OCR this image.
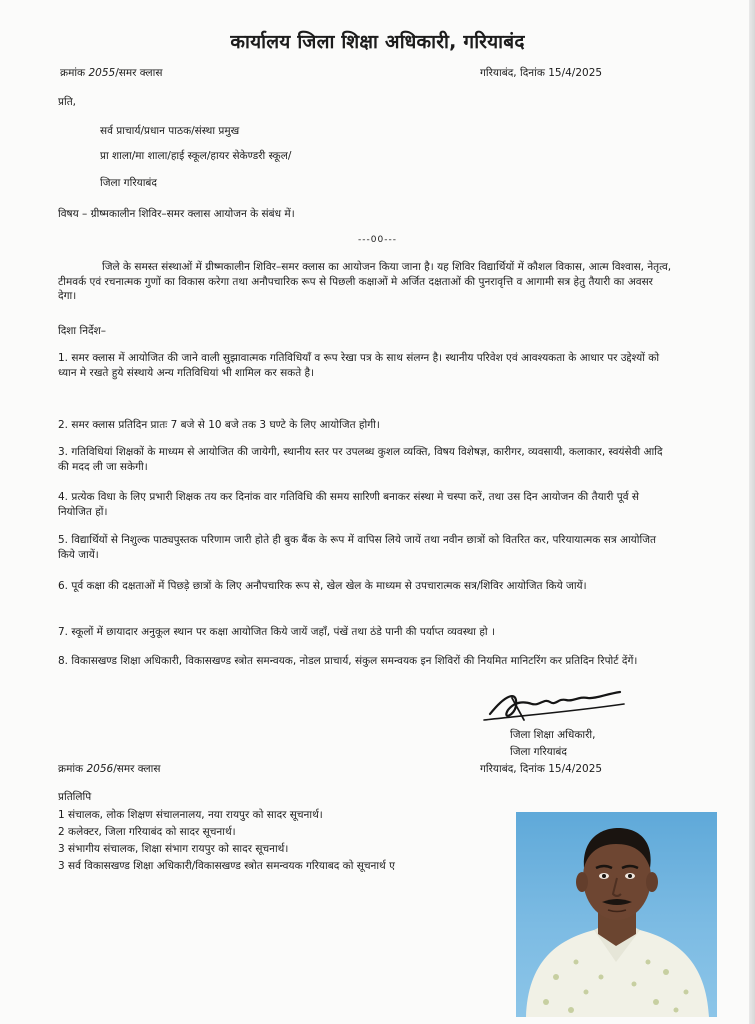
कार्यालय जिला शिक्षा अधिकारी, गरियाबंद
क्रमांक 2055/समर क्लास	गरियाबंद, दिनांक 15/4/2025
प्रति,
सर्व प्राचार्य/प्रधान पाठक/संस्था प्रमुख
प्रा शाला/मा शाला/हाई स्कूल/हायर सेकेण्डरी स्कूल/
जिला गरियाबंद
विषय – ग्रीष्मकालीन शिविर–समर क्लास आयोजन के संबंध में।
---00---

जिले के समस्त संस्थाओं में ग्रीष्मकालीन शिविर–समर क्लास का आयोजन किया जाना है। यह शिविर विद्यार्थियों में कौशल विकास, आत्म विश्वास, नेतृत्व, टीमवर्क एवं रचनात्मक गुणों का विकास करेगा तथा अनौपचारिक रूप से पिछली कक्षाओं मे अर्जित दक्षताओं की पुनरावृत्ति व आगामी सत्र हेतु तैयारी का अवसर देगा।

दिशा निर्देश–

1. समर क्लास में आयोजित की जाने वाली सुझावात्मक गतिविधियाँ व रूप रेखा पत्र के साथ संलग्न है। स्थानीय परिवेश एवं आवश्यकता के आधार पर उद्देश्यों को ध्यान मे रखते हुये संस्थाये अन्य गतिविधियां भी शामिल कर सकते है।

2. समर क्लास प्रतिदिन प्रातः 7 बजे से 10 बजे तक 3 घण्टे के लिए आयोजित होगी।

3. गतिविधियां शिक्षकों के माध्यम से आयोजित की जायेगी, स्थानीय स्तर पर उपलब्ध कुशल व्यक्ति, विषय विशेषज्ञ, कारीगर, व्यवसायी, कलाकार, स्वयंसेवी आदि की मदद ली जा सकेगी।

4. प्रत्येक विधा के लिए प्रभारी शिक्षक तय कर दिनांक वार गतिविधि की समय सारिणी बनाकर संस्था मे चस्पा करें, तथा उस दिन आयोजन की तैयारी पूर्व से नियोजित हों।

5. विद्यार्थियों से निशुल्क पाठ्यपुस्तक परिणाम जारी होते ही बुक बैंक के रूप में वापिस लिये जायें तथा नवीन छात्रों को वितरित कर, परियायात्मक सत्र आयोजित किये जायें।

6. पूर्व कक्षा की दक्षताओं में पिछड़े छात्रों के लिए अनौपचारिक रूप से, खेल खेल के माध्यम से उपचारात्मक सत्र/शिविर आयोजित किये जायें।

7. स्कूलों में छायादार अनुकूल स्थान पर कक्षा आयोजित किये जायें जहाँ, पंखें तथा ठंडे पानी की पर्याप्त व्यवस्था हो ।

8. विकासखण्ड शिक्षा अधिकारी, विकासखण्ड स्त्रोत समन्वयक, नोडल प्राचार्य, संकुल समन्वयक इन शिविरों की नियमित मानिटरिंग कर प्रतिदिन रिपोर्ट देंगें।

जिला शिक्षा अधिकारी,
जिला गरियाबंद
क्रमांक 2056/समर क्लास	गरियाबंद, दिनांक 15/4/2025
प्रतिलिपि
1 संचालक, लोक शिक्षण संचालनालय, नया रायपुर को सादर सूचनार्थ।
2 कलेक्टर, जिला गरियाबंद को सादर सूचनार्थ।
3 संभागीय संचालक, शिक्षा संभाग रायपुर को सादर सूचनार्थ।
3 सर्व विकासखण्ड शिक्षा अधिकारी/विकासखण्ड स्त्रोत समन्वयक गरियाबद को सूचनार्थ ए
